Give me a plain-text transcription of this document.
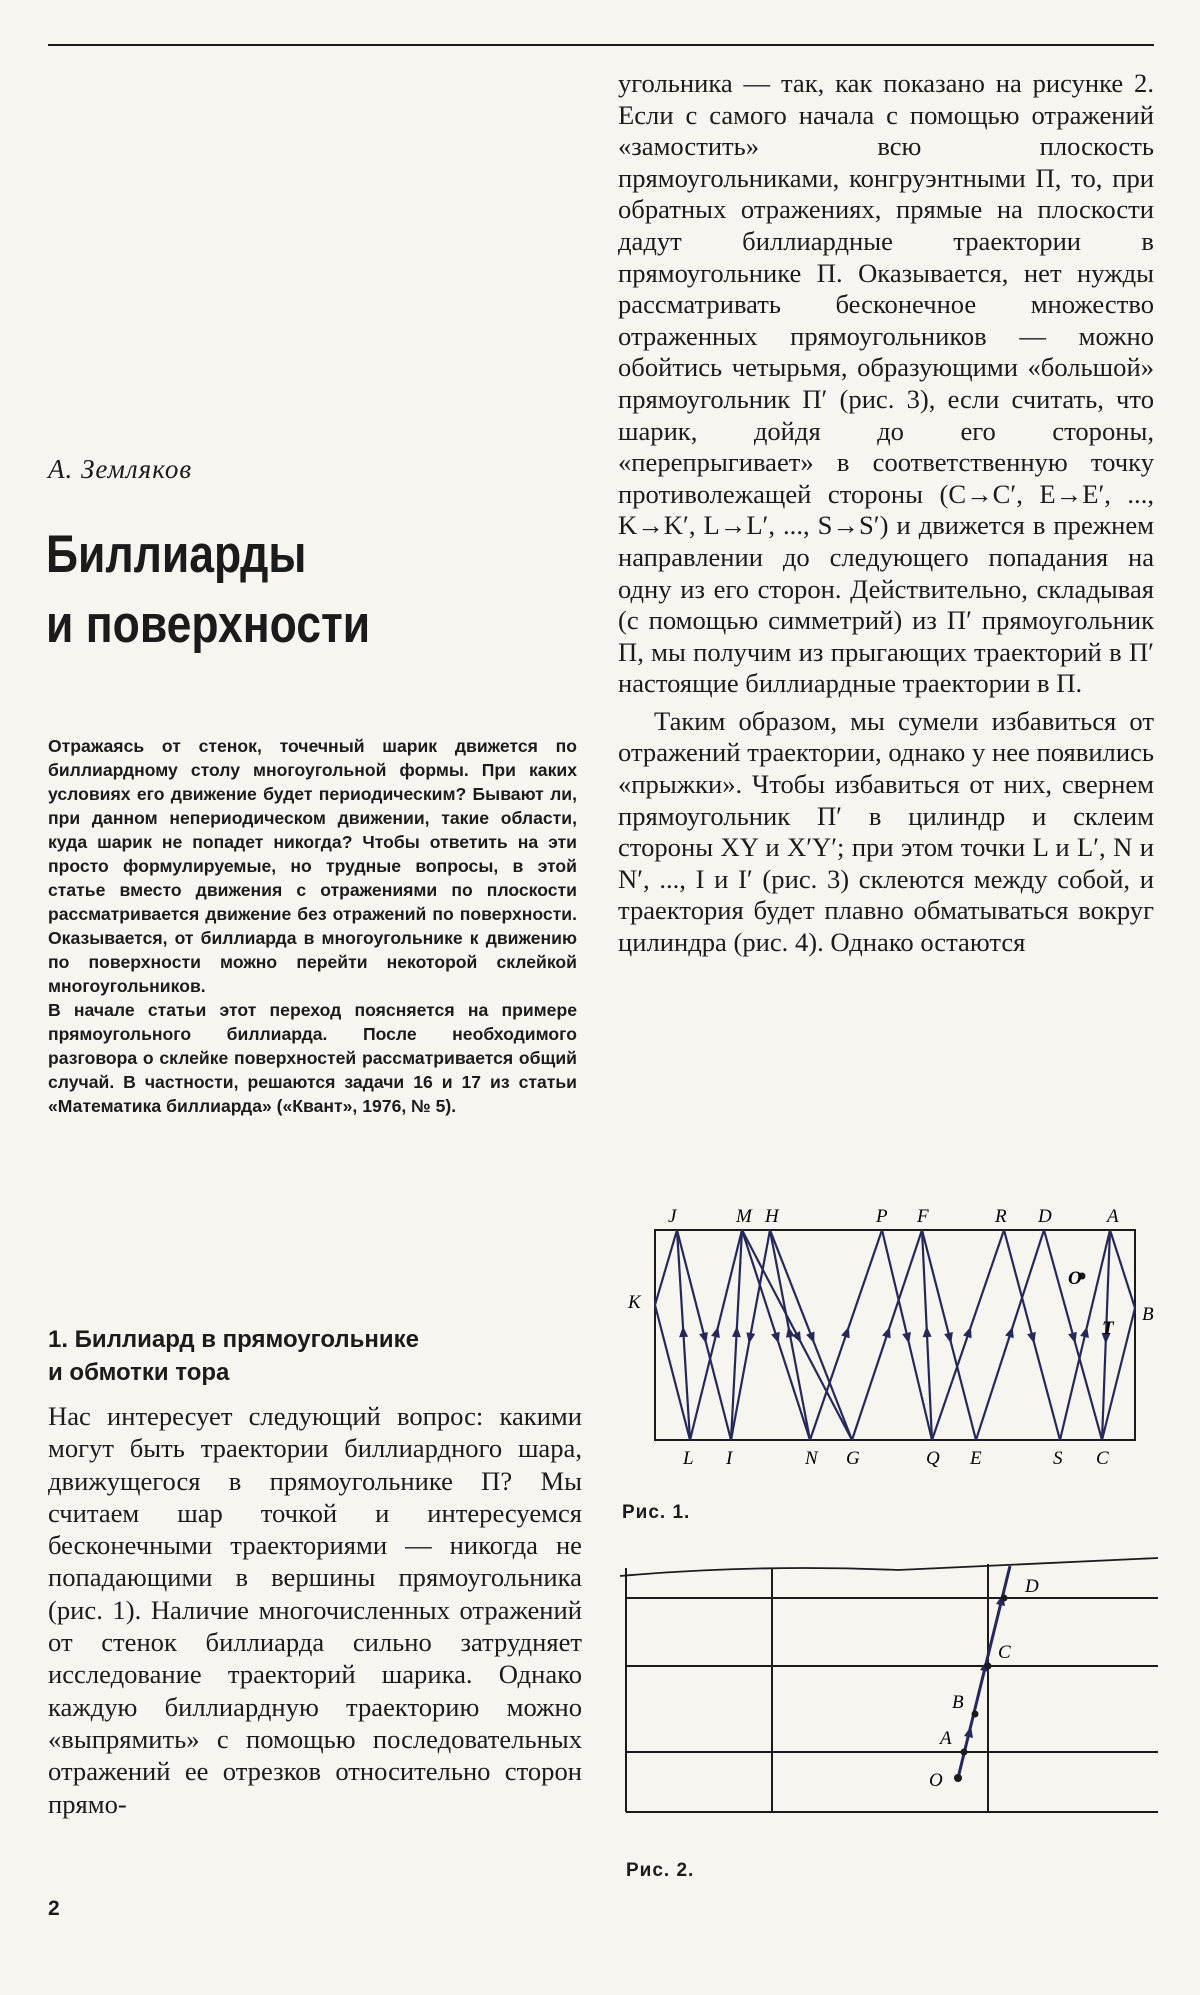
А. Земляков
Биллиарды
и поверхности

Отражаясь от стенок, точечный шарик движется по биллиардному столу многоугольной формы. При каких условиях его движение будет периодическим? Бывают ли, при данном непериодическом движении, такие области, куда шарик не попадет никогда? Чтобы ответить на эти просто формулируемые, но трудные вопросы, в этой статье вместо движения с отражениями по плоскости рассматривается движение без отражений по поверхности. Оказывается, от биллиарда в многоугольнике к движению по поверхности можно перейти некоторой склейкой многоугольников.

В начале статьи этот переход поясняется на примере прямоугольного биллиарда. После необходимого разговора о склейке поверхностей рассматривается общий случай. В частности, решаются задачи 16 и 17 из статьи «Математика биллиарда» («Квант», 1976, № 5).

1. Биллиард в прямоугольнике
и обмотки тора

Нас интересует следующий вопрос: какими могут быть траектории биллиардного шара, движущегося в прямоугольнике П? Мы считаем шар точкой и интересуемся бесконечными траекториями — никогда не попадающими в вершины прямоугольника (рис. 1). Наличие многочисленных отражений от стенок биллиарда сильно затрудняет исследование траекторий шарика. Однако каждую биллиардную траекторию можно «выпрямить» с помощью последовательных отражений ее отрезков относительно сторон прямо-

угольника — так, как показано на рисунке 2. Если с самого начала с помощью отражений «замостить» всю плоскость прямоугольниками, конгруэнтными П, то, при обратных отражениях, прямые на плоскости дадут биллиардные траектории в прямоугольнике П. Оказывается, нет нужды рассматривать бесконечное множество отраженных прямоугольников — можно обойтись четырьмя, образующими «большой» прямоугольник П′ (рис. 3), если считать, что шарик, дойдя до его стороны, «перепрыгивает» в соответственную точку противолежащей стороны (C→C′, E→E′, ..., K→K′, L→L′, ..., S→S′) и движется в прежнем направлении до следующего попадания на одну из его сторон. Действительно, складывая (с помощью симметрий) из П′ прямоугольник П, мы получим из прыгающих траекторий в П′ настоящие биллиардные траектории в П.

Таким образом, мы сумели избавиться от отражений траектории, однако у нее появились «прыжки». Чтобы избавиться от них, свернем прямоугольник П′ в цилиндр и склеим стороны XY и X′Y′; при этом точки L и L′, N и N′, ..., I и I′ (рис. 3) склеются между собой, и траектория будет плавно обматываться вокруг цилиндра (рис. 4). Однако остаются

J	M H	P F	R D	A
L I	N G	Q E	S C
K
B
O
T
Рис. 1.
O
A
B
C
D
Рис. 2.
2
